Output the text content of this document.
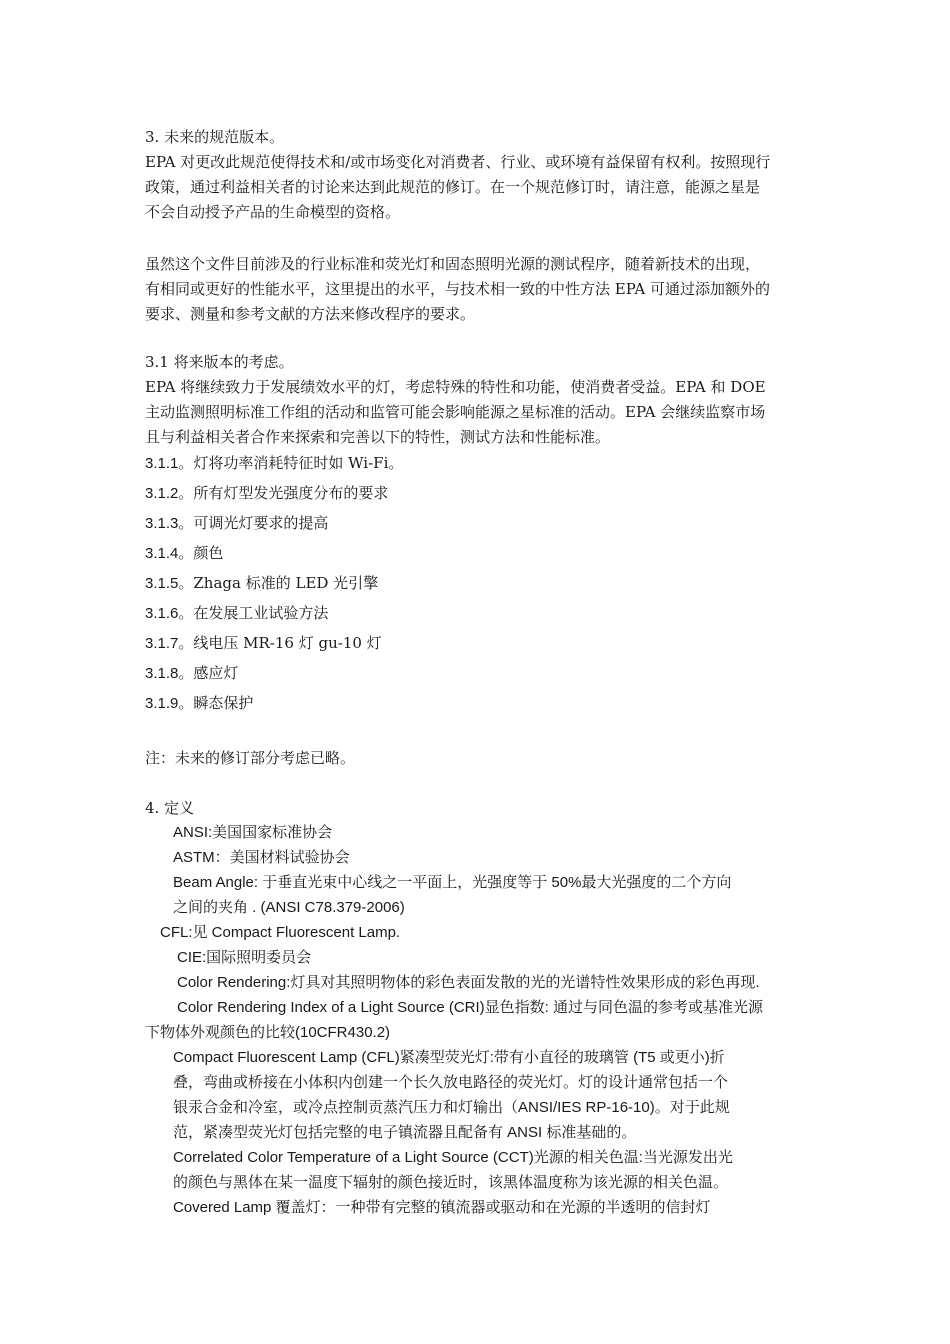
3. 未来的规范版本。
EPA 对更改此规范使得技术和/或市场变化对消费者、行业、或环境有益保留有权利。按照现行
政策，通过利益相关者的讨论来达到此规范的修订。在一个规范修订时，请注意，能源之星是
不会自动授予产品的生命模型的资格。
虽然这个文件目前涉及的行业标准和荧光灯和固态照明光源的测试程序，随着新技术的出现，
有相同或更好的性能水平，这里提出的水平，与技术相一致的中性方法 EPA 可通过添加额外的
要求、测量和参考文献的方法来修改程序的要求。
3.1 将来版本的考虑。
EPA 将继续致力于发展绩效水平的灯，考虑特殊的特性和功能，使消费者受益。EPA 和 DOE
主动监测照明标准工作组的活动和监管可能会影响能源之星标准的活动。EPA 会继续监察市场
且与利益相关者合作来探索和完善以下的特性，测试方法和性能标准。
3.1.1。灯将功率消耗特征时如 Wi-Fi。
3.1.2。所有灯型发光强度分布的要求
3.1.3。可调光灯要求的提高
3.1.4。颜色
3.1.5。Zhaga 标准的 LED 光引擎
3.1.6。在发展工业试验方法
3.1.7。线电压 MR-16 灯 gu-10 灯
3.1.8。感应灯
3.1.9。瞬态保护
注：未来的修订部分考虑已略。
4. 定义
ANSI:美国国家标准协会
ASTM：美国材料试验协会
Beam Angle: 于垂直光束中心线之一平面上，光强度等于 50%最大光强度的二个方向
之间的夹角 . (ANSI C78.379-2006)
CFL:见 Compact Fluorescent Lamp.
CIE:国际照明委员会
Color Rendering:灯具对其照明物体的彩色表面发散的光的光谱特性效果形成的彩色再现.
Color Rendering Index of a Light Source (CRI)显色指数: 通过与同色温的参考或基准光源
下物体外观颜色的比较(10CFR430.2)
Compact Fluorescent Lamp (CFL)紧凑型荧光灯:带有小直径的玻璃管 (T5 或更小)折
叠，弯曲或桥接在小体积内创建一个长久放电路径的荧光灯。灯的设计通常包括一个
银汞合金和冷室，或冷点控制贡蒸汽压力和灯输出（ANSI/IES RP-16-10)。对于此规
范，紧凑型荧光灯包括完整的电子镇流器且配备有 ANSI 标准基础的。
Correlated Color Temperature of a Light Source (CCT)光源的相关色温:当光源发出光
的颜色与黑体在某一温度下辐射的颜色接近时，该黑体温度称为该光源的相关色温。
Covered Lamp 覆盖灯：一种带有完整的镇流器或驱动和在光源的半透明的信封灯
